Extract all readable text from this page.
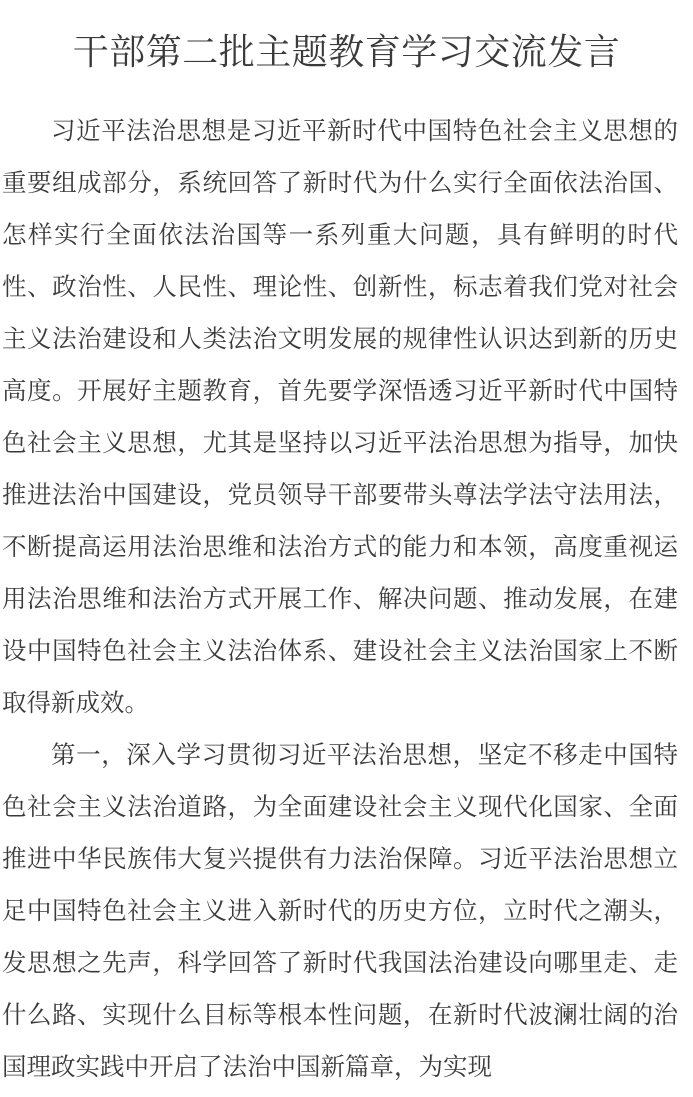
干部第二批主题教育学习交流发言

习近平法治思想是习近平新时代中国特色社会主义思想的重要组成部分，系统回答了新时代为什么实行全面依法治国、怎样实行全面依法治国等一系列重大问题，具有鲜明的时代性、政治性、人民性、理论性、创新性，标志着我们党对社会主义法治建设和人类法治文明发展的规律性认识达到新的历史高度。开展好主题教育，首先要学深悟透习近平新时代中国特色社会主义思想，尤其是坚持以习近平法治思想为指导，加快推进法治中国建设，党员领导干部要带头尊法学法守法用法，不断提高运用法治思维和法治方式的能力和本领，高度重视运用法治思维和法治方式开展工作、解决问题、推动发展，在建设中国特色社会主义法治体系、建设社会主义法治国家上不断取得新成效。

第一，深入学习贯彻习近平法治思想，坚定不移走中国特色社会主义法治道路，为全面建设社会主义现代化国家、全面推进中华民族伟大复兴提供有力法治保障。习近平法治思想立足中国特色社会主义进入新时代的历史方位，立时代之潮头，发思想之先声，科学回答了新时代我国法治建设向哪里走、走什么路、实现什么目标等根本性问题，在新时代波澜壮阔的治国理政实践中开启了法治中国新篇章，为实现
